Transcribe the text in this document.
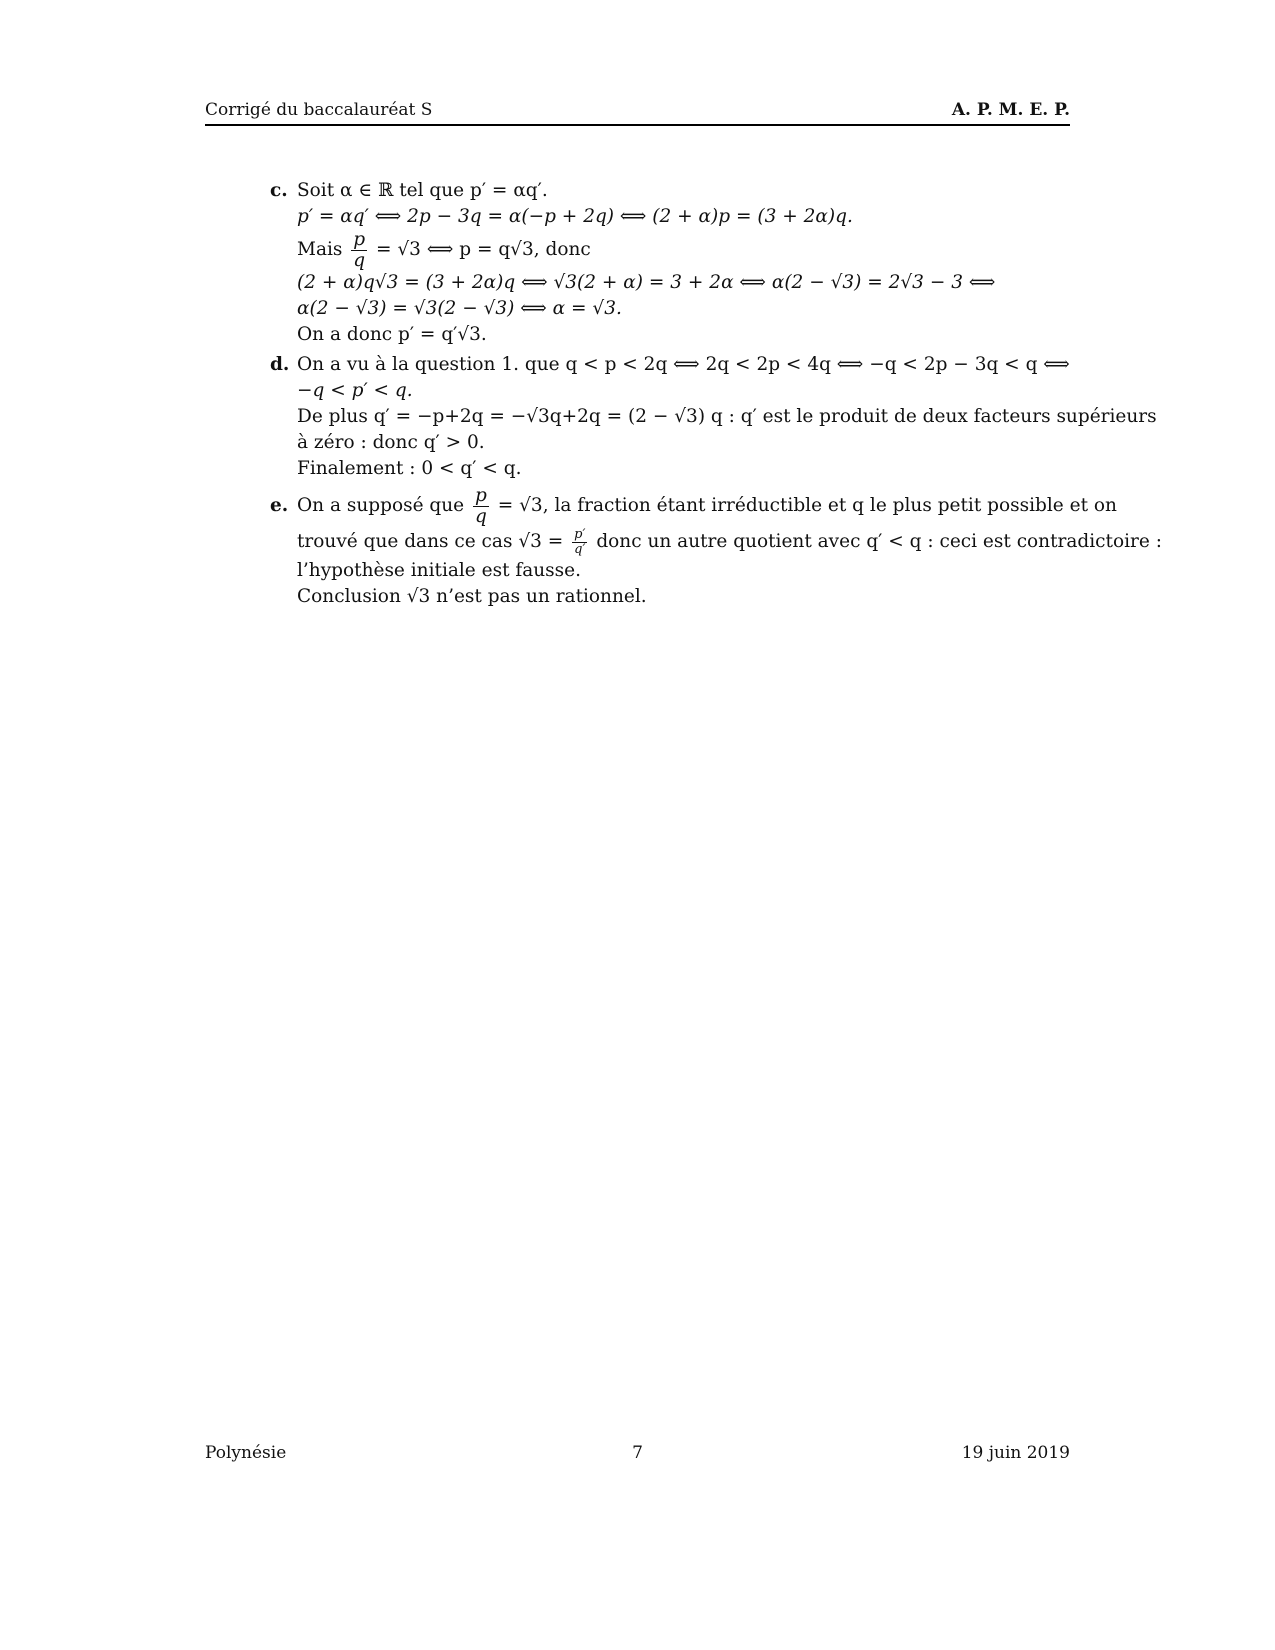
Corrigé du baccalauréat S	A. P. M. E. P.
c. Soit α ∈ ℝ tel que p′ = αq′.
p′ = αq′ ⟺ 2p − 3q = α(−p + 2q) ⟺ (2 + α)p = (3 + 2α)q.
Mais $\frac{p}{q} = √3$ ⟺ p = q√3, donc
(2 + α)q√3 = (3 + 2α)q ⟺ √3(2 + α) = 3 + 2α ⟺ α(2 − √3) = 2√3 − 3 ⟺
α(2 − √3) = √3(2 − √3) ⟺ α = √3.
On a donc p′ = q′√3.
d. On a vu à la question 1. que q < p < 2q ⟺ 2q < 2p < 4q ⟺ −q < 2p − 3q < q ⟺
−q < p′ < q.
De plus q′ = −p+2q = −√3q+2q = (2 − √3) q : q′ est le produit de deux facteurs supérieurs
à zéro : donc q′ > 0.
Finalement : 0 < q′ < q.
e. On a supposé que $\frac{p}{q} = √3$, la fraction étant irréductible et q le plus petit possible et on
trouvé que dans ce cas $√3 = \frac{p'}{q'}$ donc un autre quotient avec q′ < q : ceci est contradictoire :
l’hypothèse initiale est fausse.
Conclusion √3 n’est pas un rationnel.
Polynésie	7	19 juin 2019
